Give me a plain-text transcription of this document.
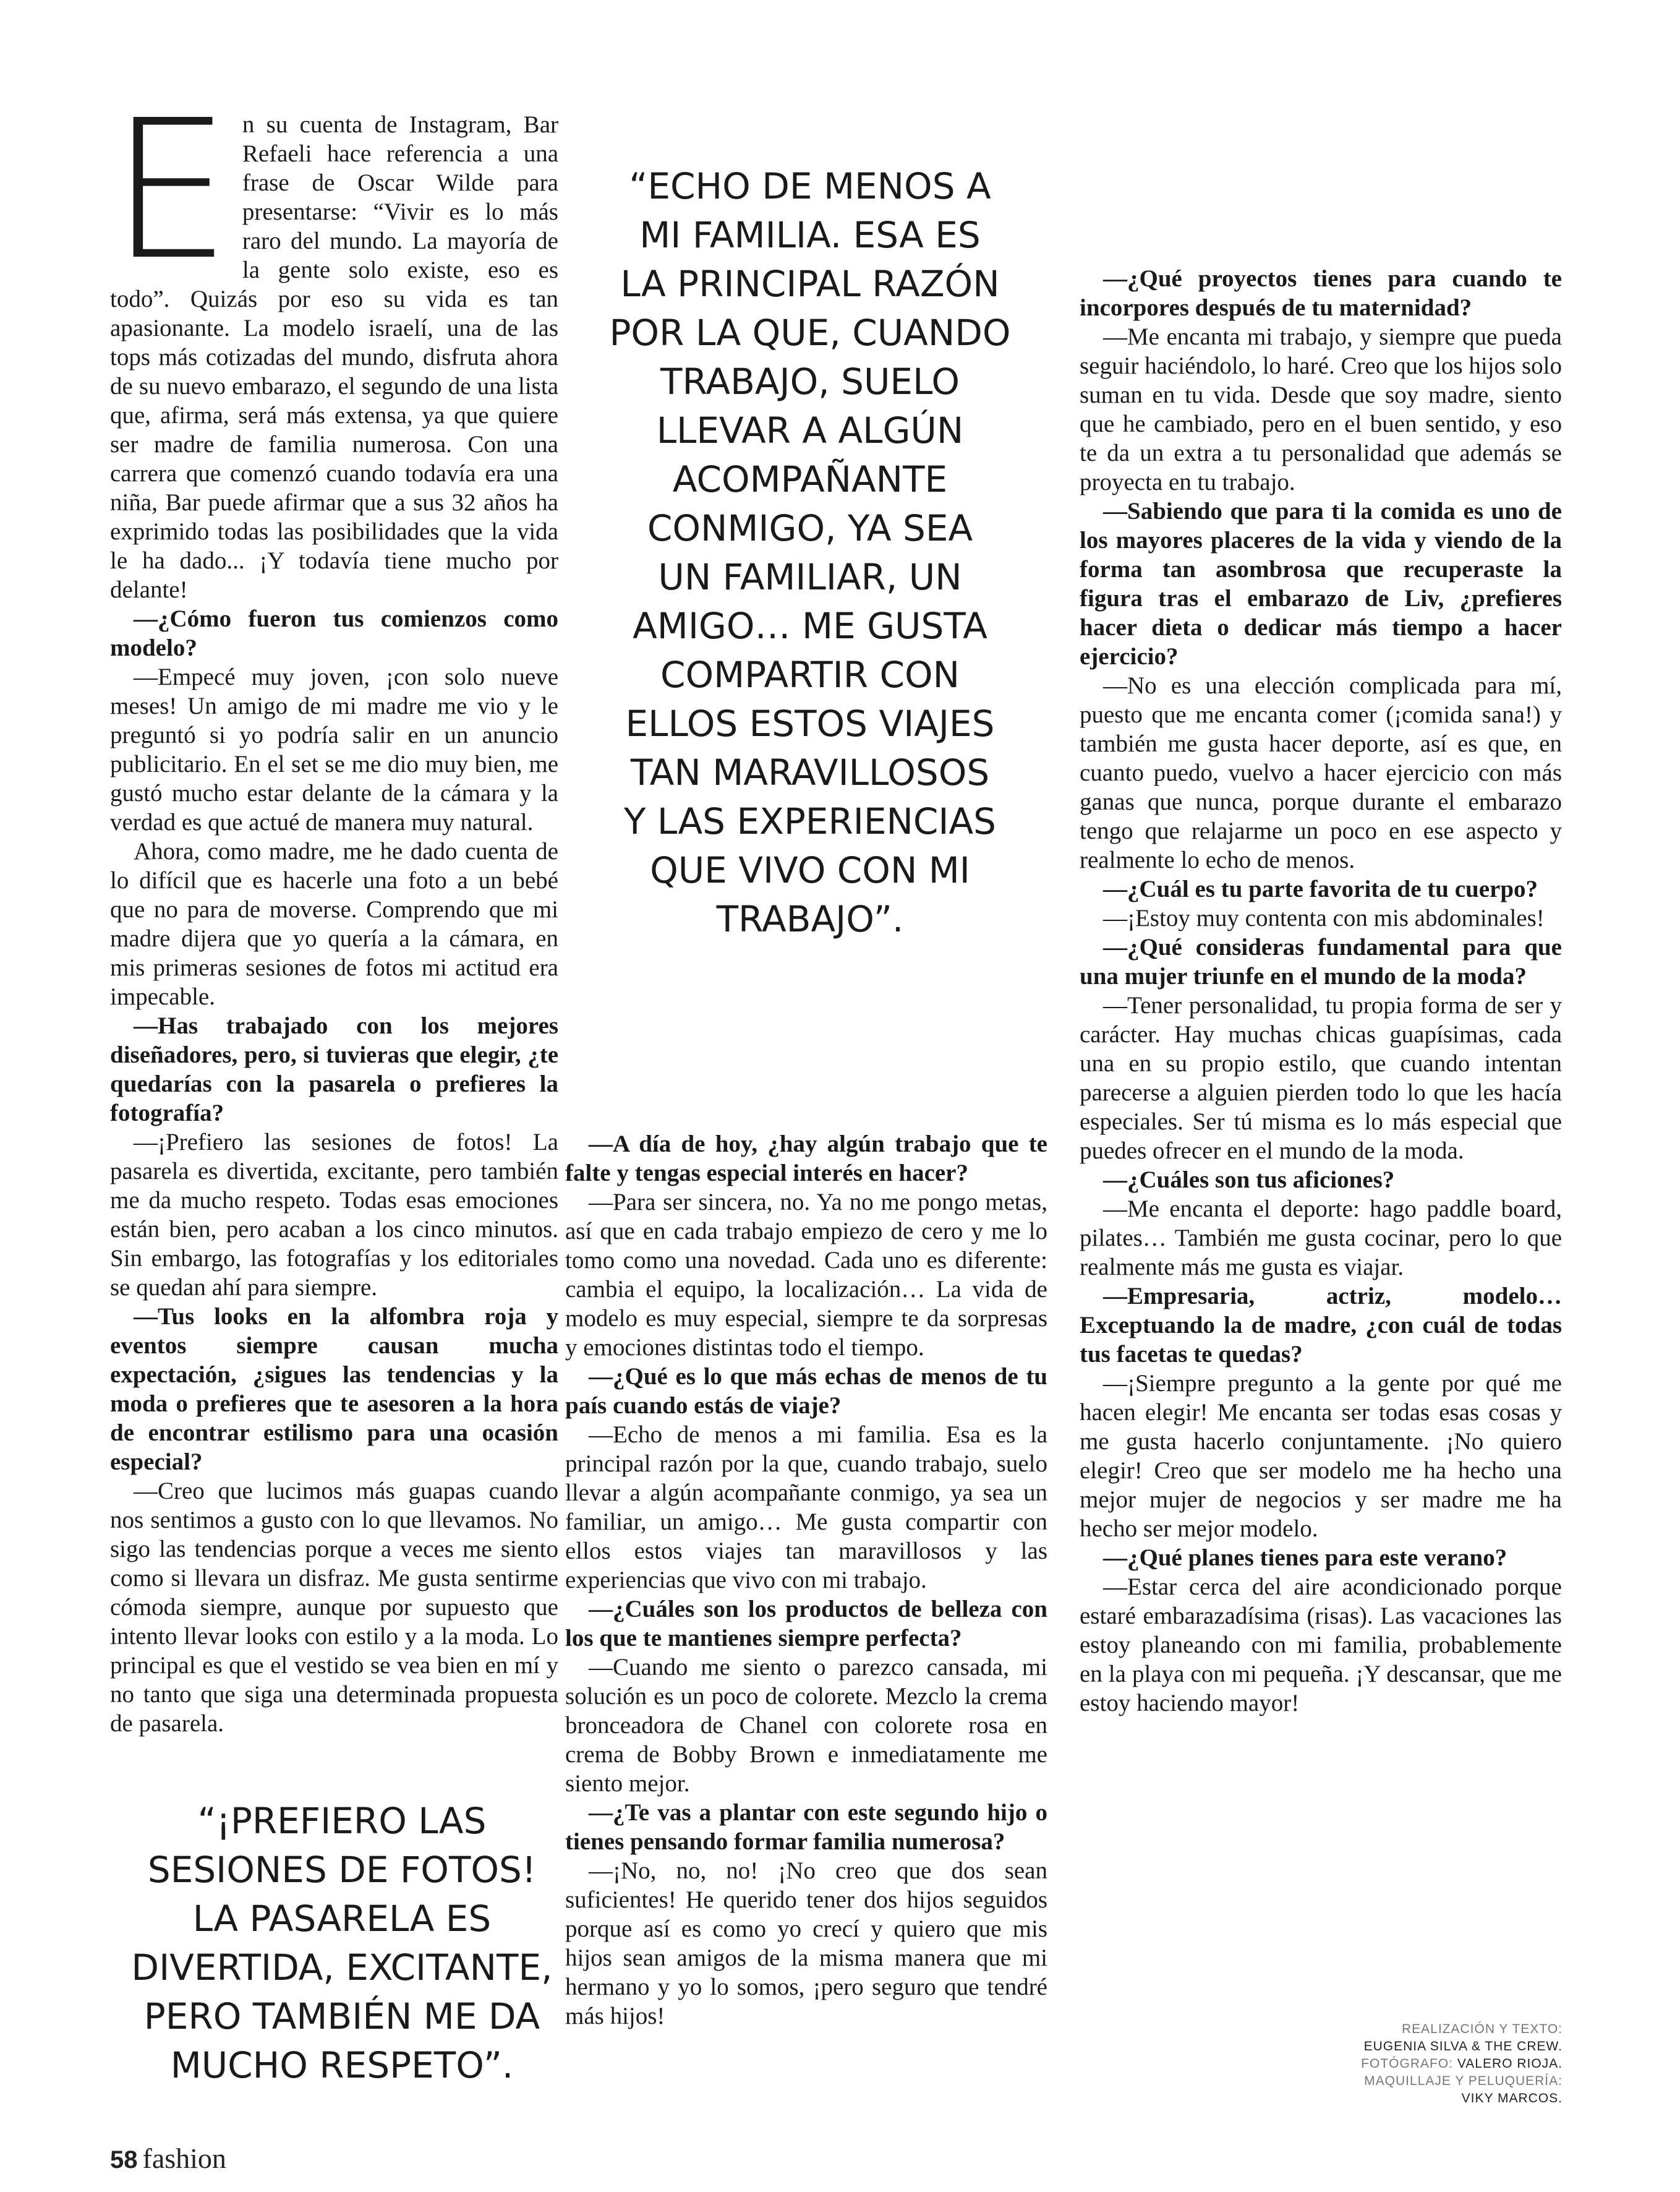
E n su cuenta de Instagram, Bar Refaeli hace referencia a una frase de Oscar Wilde para presentarse: “Vivir es lo más raro del mundo. La mayoría de la gente solo existe, eso es todo”. Quizás por eso su vida es tan apasionante. La modelo israelí, una de las tops más cotizadas del mundo, disfruta ahora de su nuevo embarazo, el segundo de una lista que, afirma, será más extensa, ya que quiere ser madre de familia numerosa. Con una carrera que comenzó cuando todavía era una niña, Bar puede afirmar que a sus 32 años ha exprimido todas las posibilidades que la vida le ha dado... ¡Y todavía tiene mucho por delante!

—¿Cómo fueron tus comienzos como modelo?

—Empecé muy joven, ¡con solo nueve meses! Un amigo de mi madre me vio y le preguntó si yo podría salir en un anuncio publicitario. En el set se me dio muy bien, me gustó mucho estar delante de la cámara y la verdad es que actué de manera muy natural.

Ahora, como madre, me he dado cuenta de lo difícil que es hacerle una foto a un bebé que no para de moverse. Comprendo que mi madre dijera que yo quería a la cámara, en mis primeras sesiones de fotos mi actitud era impecable.

—Has trabajado con los mejores diseñadores, pero, si tuvieras que elegir, ¿te quedarías con la pasarela o prefieres la fotografía?

—¡Prefiero las sesiones de fotos! La pasarela es divertida, excitante, pero también me da mucho respeto. Todas esas emociones están bien, pero acaban a los cinco minutos. Sin embargo, las fotografías y los editoriales se quedan ahí para siempre.

—Tus looks en la alfombra roja y eventos siempre causan mucha expectación, ¿sigues las tendencias y la moda o prefieres que te asesoren a la hora de encontrar estilismo para una ocasión especial?

—Creo que lucimos más guapas cuando nos sentimos a gusto con lo que llevamos. No sigo las tendencias porque a veces me siento como si llevara un disfraz. Me gusta sentirme cómoda siempre, aunque por supuesto que intento llevar looks con estilo y a la moda. Lo principal es que el vestido se vea bien en mí y no tanto que siga una determinada propuesta de pasarela.

“ECHO DE MENOS A
MI FAMILIA. ESA ES
LA PRINCIPAL RAZÓN
POR LA QUE, CUANDO
TRABAJO, SUELO
LLEVAR A ALGÚN
ACOMPAÑANTE
CONMIGO, YA SEA
UN FAMILIAR, UN
AMIGO… ME GUSTA
COMPARTIR CON
ELLOS ESTOS VIAJES
TAN MARAVILLOSOS
Y LAS EXPERIENCIAS
QUE VIVO CON MI
TRABAJO”.

—A día de hoy, ¿hay algún trabajo que te falte y tengas especial interés en hacer?

—Para ser sincera, no. Ya no me pongo metas, así que en cada trabajo empiezo de cero y me lo tomo como una novedad. Cada uno es diferente: cambia el equipo, la localización… La vida de modelo es muy especial, siempre te da sorpresas y emociones distintas todo el tiempo.

—¿Qué es lo que más echas de menos de tu país cuando estás de viaje?

—Echo de menos a mi familia. Esa es la principal razón por la que, cuando trabajo, suelo llevar a algún acompañante conmigo, ya sea un familiar, un amigo… Me gusta compartir con ellos estos viajes tan maravillosos y las experiencias que vivo con mi trabajo.

—¿Cuáles son los productos de belleza con los que te mantienes siempre perfecta?

—Cuando me siento o parezco cansada, mi solución es un poco de colorete. Mezclo la crema bronceadora de Chanel con colorete rosa en crema de Bobby Brown e inmediatamente me siento mejor.

—¿Te vas a plantar con este segundo hijo o tienes pensando formar familia numerosa?

—¡No, no, no! ¡No creo que dos sean suficientes! He querido tener dos hijos seguidos porque así es como yo crecí y quiero que mis hijos sean amigos de la misma manera que mi hermano y yo lo somos, ¡pero seguro que tendré más hijos!

—¿Qué proyectos tienes para cuando te incorpores después de tu maternidad?

—Me encanta mi trabajo, y siempre que pueda seguir haciéndolo, lo haré. Creo que los hijos solo suman en tu vida. Desde que soy madre, siento que he cambiado, pero en el buen sentido, y eso te da un extra a tu personalidad que además se proyecta en tu trabajo.

—Sabiendo que para ti la comida es uno de los mayores placeres de la vida y viendo de la forma tan asombrosa que recuperaste la figura tras el embarazo de Liv, ¿prefieres hacer dieta o dedicar más tiempo a hacer ejercicio?

—No es una elección complicada para mí, puesto que me encanta comer (¡comida sana!) y también me gusta hacer deporte, así es que, en cuanto puedo, vuelvo a hacer ejercicio con más ganas que nunca, porque durante el embarazo tengo que relajarme un poco en ese aspecto y realmente lo echo de menos.

—¿Cuál es tu parte favorita de tu cuerpo?

—¡Estoy muy contenta con mis abdominales!

—¿Qué consideras fundamental para que una mujer triunfe en el mundo de la moda?

—Tener personalidad, tu propia forma de ser y carácter. Hay muchas chicas guapísimas, cada una en su propio estilo, que cuando intentan parecerse a alguien pierden todo lo que les hacía especiales. Ser tú misma es lo más especial que puedes ofrecer en el mundo de la moda.

—¿Cuáles son tus aficiones?

—Me encanta el deporte: hago paddle board, pilates… También me gusta cocinar, pero lo que realmente más me gusta es viajar.

—Empresaria, actriz, modelo… Exceptuando la de madre, ¿con cuál de todas tus facetas te quedas?

—¡Siempre pregunto a la gente por qué me hacen elegir! Me encanta ser todas esas cosas y me gusta hacerlo conjuntamente. ¡No quiero elegir! Creo que ser modelo me ha hecho una mejor mujer de negocios y ser madre me ha hecho ser mejor modelo.

—¿Qué planes tienes para este verano?

—Estar cerca del aire acondicionado porque estaré embarazadísima (risas). Las vacaciones las estoy planeando con mi familia, probablemente en la playa con mi pequeña. ¡Y descansar, que me estoy haciendo mayor!

“¡PREFIERO LAS
SESIONES DE FOTOS!
LA PASARELA ES
DIVERTIDA, EXCITANTE,
PERO TAMBIÉN ME DA
MUCHO RESPETO”.
REALIZACIÓN Y TEXTO:
EUGENIA SILVA & THE CREW.
FOTÓGRAFO: VALERO RIOJA.
MAQUILLAJE Y PELUQUERÍA:
VIKY MARCOS.
58 fashion
